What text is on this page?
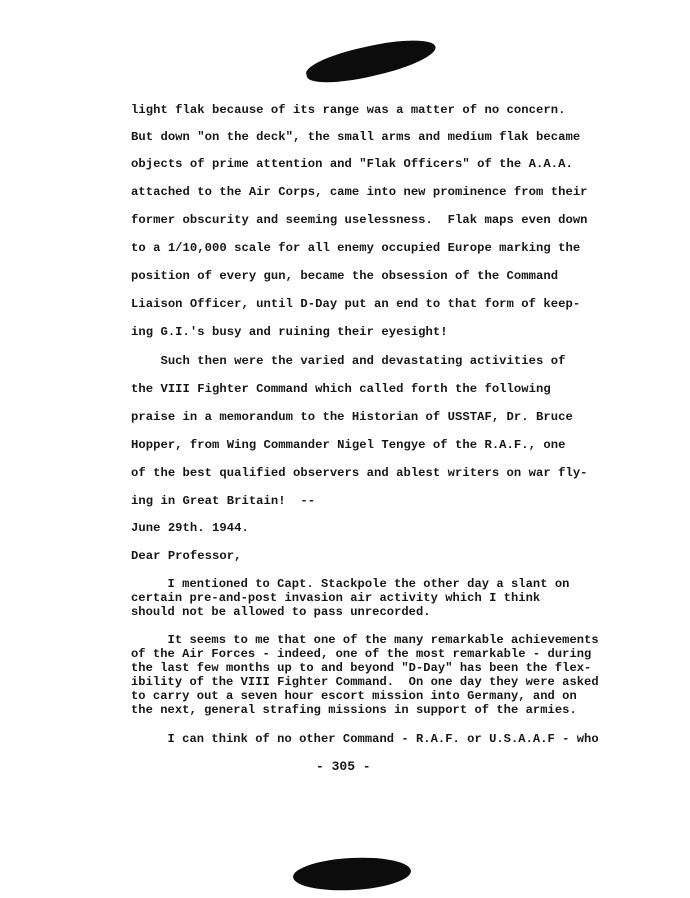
light flak because of its range was a matter of no concern.
But down "on the deck", the small arms and medium flak became
objects of prime attention and "Flak Officers" of the A.A.A.
attached to the Air Corps, came into new prominence from their
former obscurity and seeming uselessness.  Flak maps even down
to a 1/10,000 scale for all enemy occupied Europe marking the
position of every gun, became the obsession of the Command
Liaison Officer, until D-Day put an end to that form of keep-
ing G.I.'s busy and ruining their eyesight!
Such then were the varied and devastating activities of
the VIII Fighter Command which called forth the following
praise in a memorandum to the Historian of USSTAF, Dr. Bruce
Hopper, from Wing Commander Nigel Tengye of the R.A.F., one
of the best qualified observers and ablest writers on war fly-
ing in Great Britain!  --
June 29th. 1944.
Dear Professor,
I mentioned to Capt. Stackpole the other day a slant on
certain pre-and-post invasion air activity which I think
should not be allowed to pass unrecorded.
It seems to me that one of the many remarkable achievements
of the Air Forces - indeed, one of the most remarkable - during
the last few months up to and beyond "D-Day" has been the flex-
ibility of the VIII Fighter Command.  On one day they were asked
to carry out a seven hour escort mission into Germany, and on
the next, general strafing missions in support of the armies.
I can think of no other Command - R.A.F. or U.S.A.A.F - who
- 305 -
